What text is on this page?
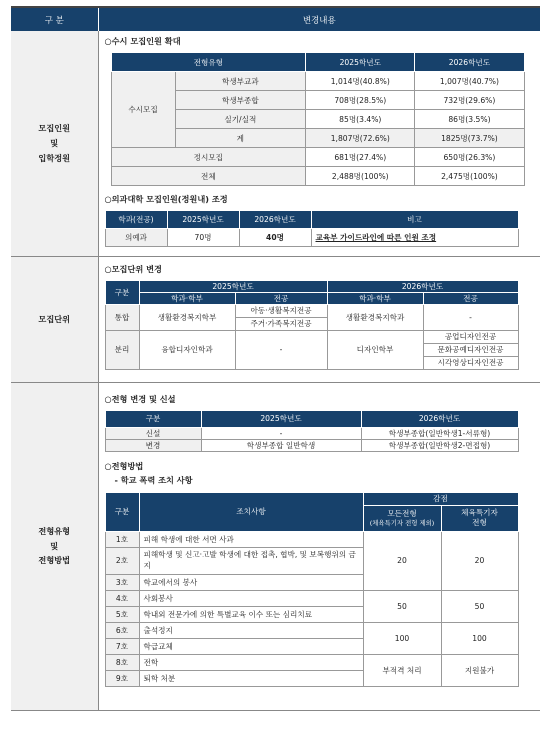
구 분	변경내용

모집인원
및
입학정원

○수시 모집인원 확대
전형유형	2025학년도	2026학년도
수시모집	학생부교과	1,014명(40.8%)	1,007명(40.7%)
학생부종합	708명(28.5%)	732명(29.6%)
실기/실적	85명(3.4%)	86명(3.5%)
계	1,807명(72.6%)	1825명(73.7%)
정시모집	681명(27.4%)	650명(26.3%)
전체	2,488명(100%)	2,475명(100%)
○의과대학 모집인원(정원내) 조정
학과(전공)	2025학년도	2026학년도	비고
의예과	70명	40명	교육부 가이드라인에 따른 인원 조정

모집단위	
○모집단위 변경
구분	2025학년도	2026학년도
학과·학부	전공	학과·학부	전공
통합	생활환경복지학부	아동·생활복지전공	생활환경복지학과	-
주거·가족복지전공
분리	융합디자인학과	-	디자인학부	공업디자인전공
문화공예디자인전공
시각영상디자인전공

전형유형
및
전형방법

○전형 변경 및 신설
구분	2025학년도	2026학년도
신설	-	학생부종합(일반학생1-서류형)
변경	학생부종합 일반학생	학생부종합(일반학생2-면접형)
○전형방법
- 학교 폭력 조치 사항
구분	조치사항	감점

모든전형
(체육특기자 전형 제외)

체육특기자
전형

1호	피해 학생에 대한 서면 사과	20	20
2호	피해학생 및 신고·고발 학생에 대한 접촉, 협박, 및 보복행위의 금지
3호	학교에서의 봉사
4호	사회봉사	50	50
5호	학내외 전문가에 의한 특별교육 이수 또는 심리치료
6호	출석정지	100	100
7호	학급교체
8호	전학	부적격 처리	지원불가
9호	퇴학 처분
